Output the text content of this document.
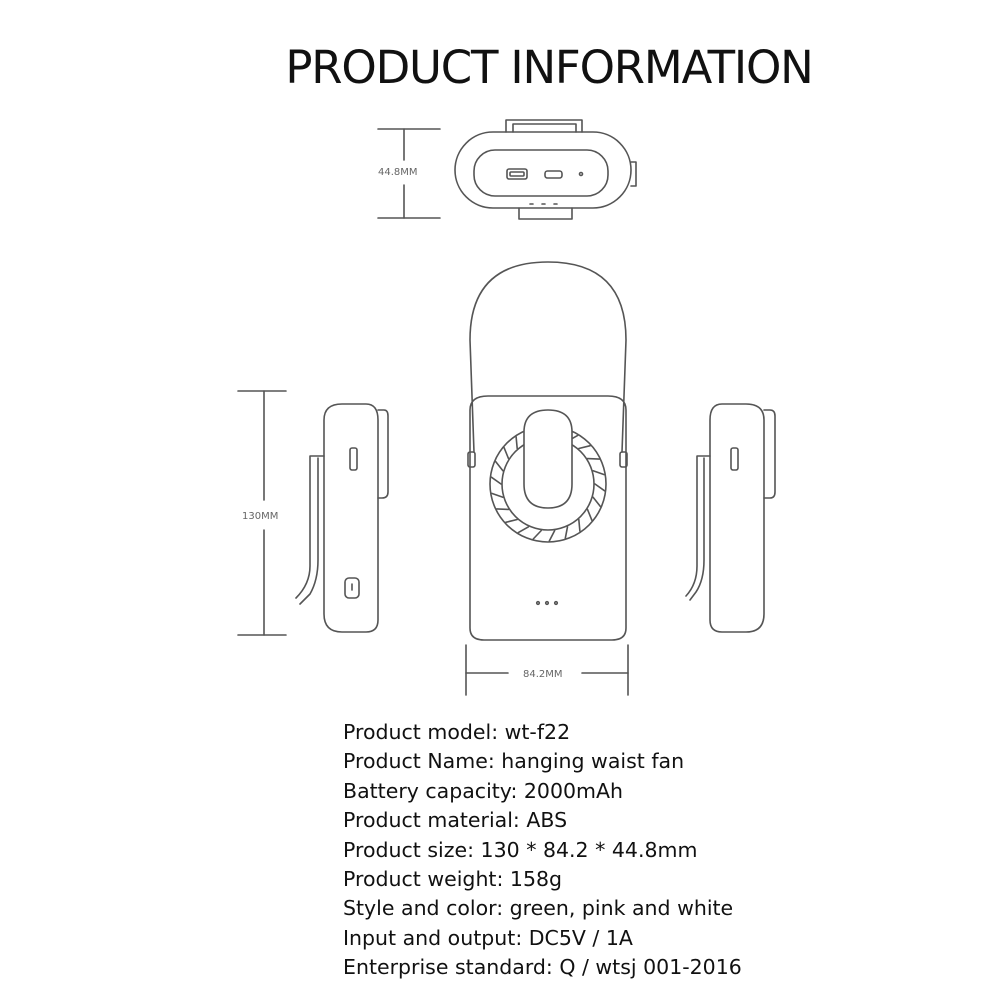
PRODUCT INFORMATION
44.8MM
130MM
84.2MM
Product model: wt-f22
Product Name: hanging waist fan
Battery capacity: 2000mAh
Product material: ABS
Product size: 130 * 84.2 * 44.8mm
Product weight: 158g
Style and color: green, pink and white
Input and output: DC5V / 1A
Enterprise standard: Q / wtsj 001-2016
